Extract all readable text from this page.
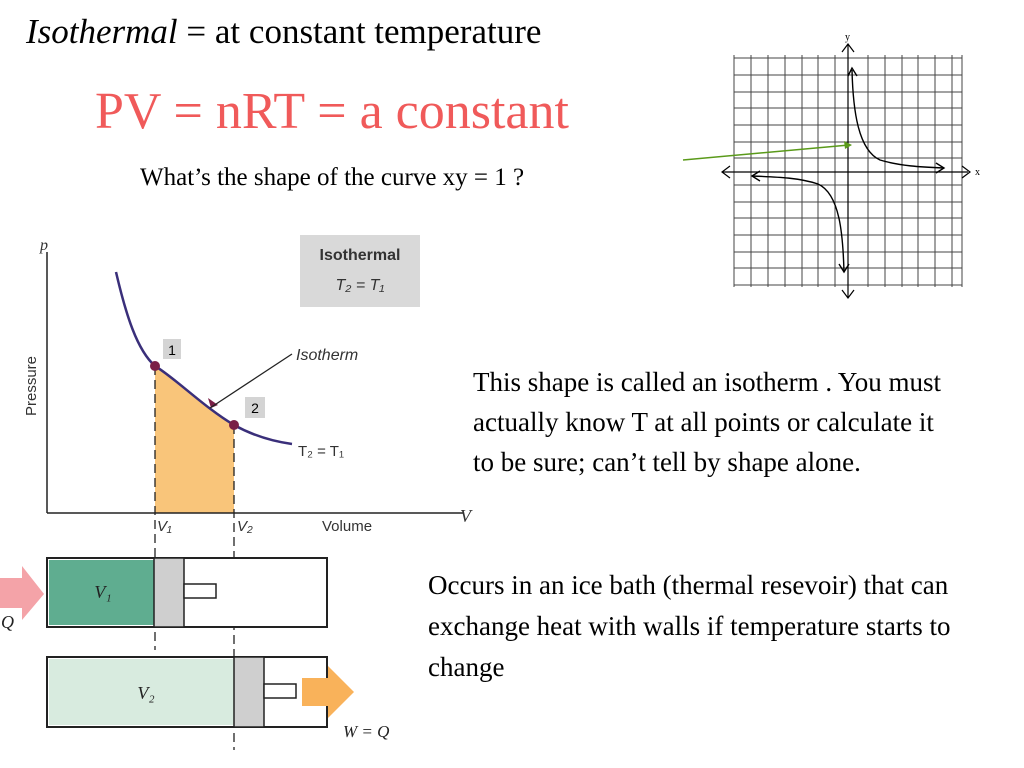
Isothermal = at constant temperature
PV = nRT = a constant
What’s the shape of the curve xy = 1 ?
y
x
1
2
Isotherm
T₂ = T₁
Isothermal
T₂ = T₁
p
Pressure
V
Volume
V₁	V₂
V₁
Q
V₂
W = Q
This shape is called an isotherm . You must actually know T at all points or calculate it to be sure; can’t tell by shape alone.
Occurs in an ice bath (thermal resevoir) that can exchange heat with walls if temperature starts to change
